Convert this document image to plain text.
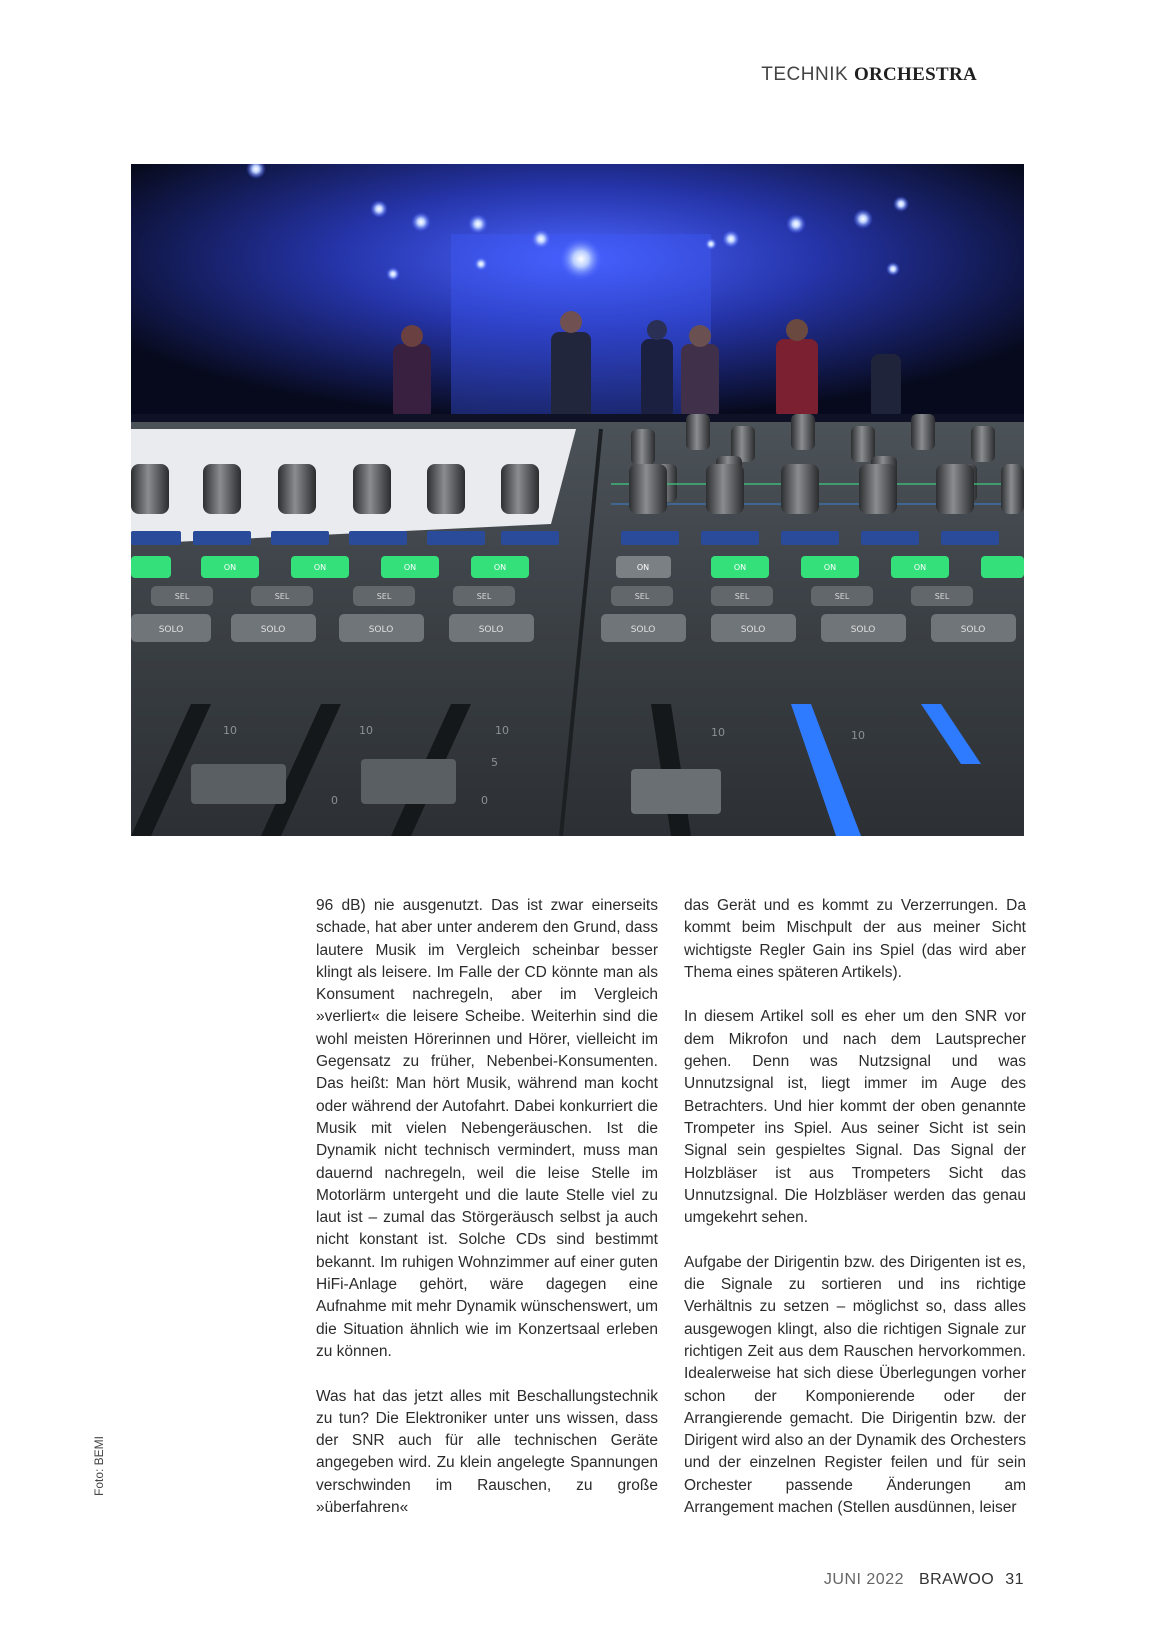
TECHNIK ORCHESTRA
ON	ON	ON	ON	ON	ON	ON	ON
SEL	SEL	SEL	SEL	SEL	SEL	SEL	SEL
SOLO	SOLO	SOLO	SOLO	SOLO	SOLO	SOLO	SOLO
10	10	10	10	10
5
0	0
Foto: BEMI

96 dB) nie ausgenutzt. Das ist zwar einerseits schade, hat aber unter anderem den Grund, dass lautere Musik im Vergleich scheinbar besser klingt als leisere. Im Falle der CD könnte man als Konsument nachregeln, aber im Vergleich »verliert« die leisere Scheibe. Weiterhin sind die wohl meisten Hörerinnen und Hörer, vielleicht im Gegensatz zu früher, Nebenbei-Konsumenten. Das heißt: Man hört Musik, während man kocht oder während der Autofahrt. Dabei konkurriert die Musik mit vielen Nebengeräuschen. Ist die Dynamik nicht technisch vermindert, muss man dauernd nachregeln, weil die leise Stelle im Motorlärm untergeht und die laute Stelle viel zu laut ist – zumal das Störgeräusch selbst ja auch nicht konstant ist. Solche CDs sind bestimmt bekannt. Im ruhigen Wohnzimmer auf einer guten HiFi-Anlage gehört, wäre dagegen eine Aufnahme mit mehr Dynamik wünschenswert, um die Situation ähnlich wie im Konzertsaal erleben zu können.

Was hat das jetzt alles mit Beschallungstechnik zu tun? Die Elektroniker unter uns wissen, dass der SNR auch für alle technischen Geräte angegeben wird. Zu klein angelegte Spannungen verschwinden im Rauschen, zu große »überfahren«

das Gerät und es kommt zu Verzerrungen. Da kommt beim Mischpult der aus meiner Sicht wichtigste Regler Gain ins Spiel (das wird aber Thema eines späteren Artikels).

In diesem Artikel soll es eher um den SNR vor dem Mikrofon und nach dem Lautsprecher gehen. Denn was Nutzsignal und was Unnutzsignal ist, liegt immer im Auge des Betrachters. Und hier kommt der oben genannte Trompeter ins Spiel. Aus seiner Sicht ist sein Signal sein gespieltes Signal. Das Signal der Holzbläser ist aus Trompeters Sicht das Unnutzsignal. Die Holzbläser werden das genau umgekehrt sehen.

Aufgabe der Dirigentin bzw. des Dirigenten ist es, die Signale zu sortieren und ins richtige Verhältnis zu setzen – möglichst so, dass alles ausgewogen klingt, also die richtigen Signale zur richtigen Zeit aus dem Rauschen hervorkommen. Idealerweise hat sich diese Überlegungen vorher schon der Komponierende oder der Arrangierende gemacht. Die Dirigentin bzw. der Dirigent wird also an der Dynamik des Orchesters und der einzelnen Register feilen und für sein Orchester passende Änderungen am Arrangement machen (Stellen ausdünnen, leiser

JUNI 2022 BRAWOO 31
